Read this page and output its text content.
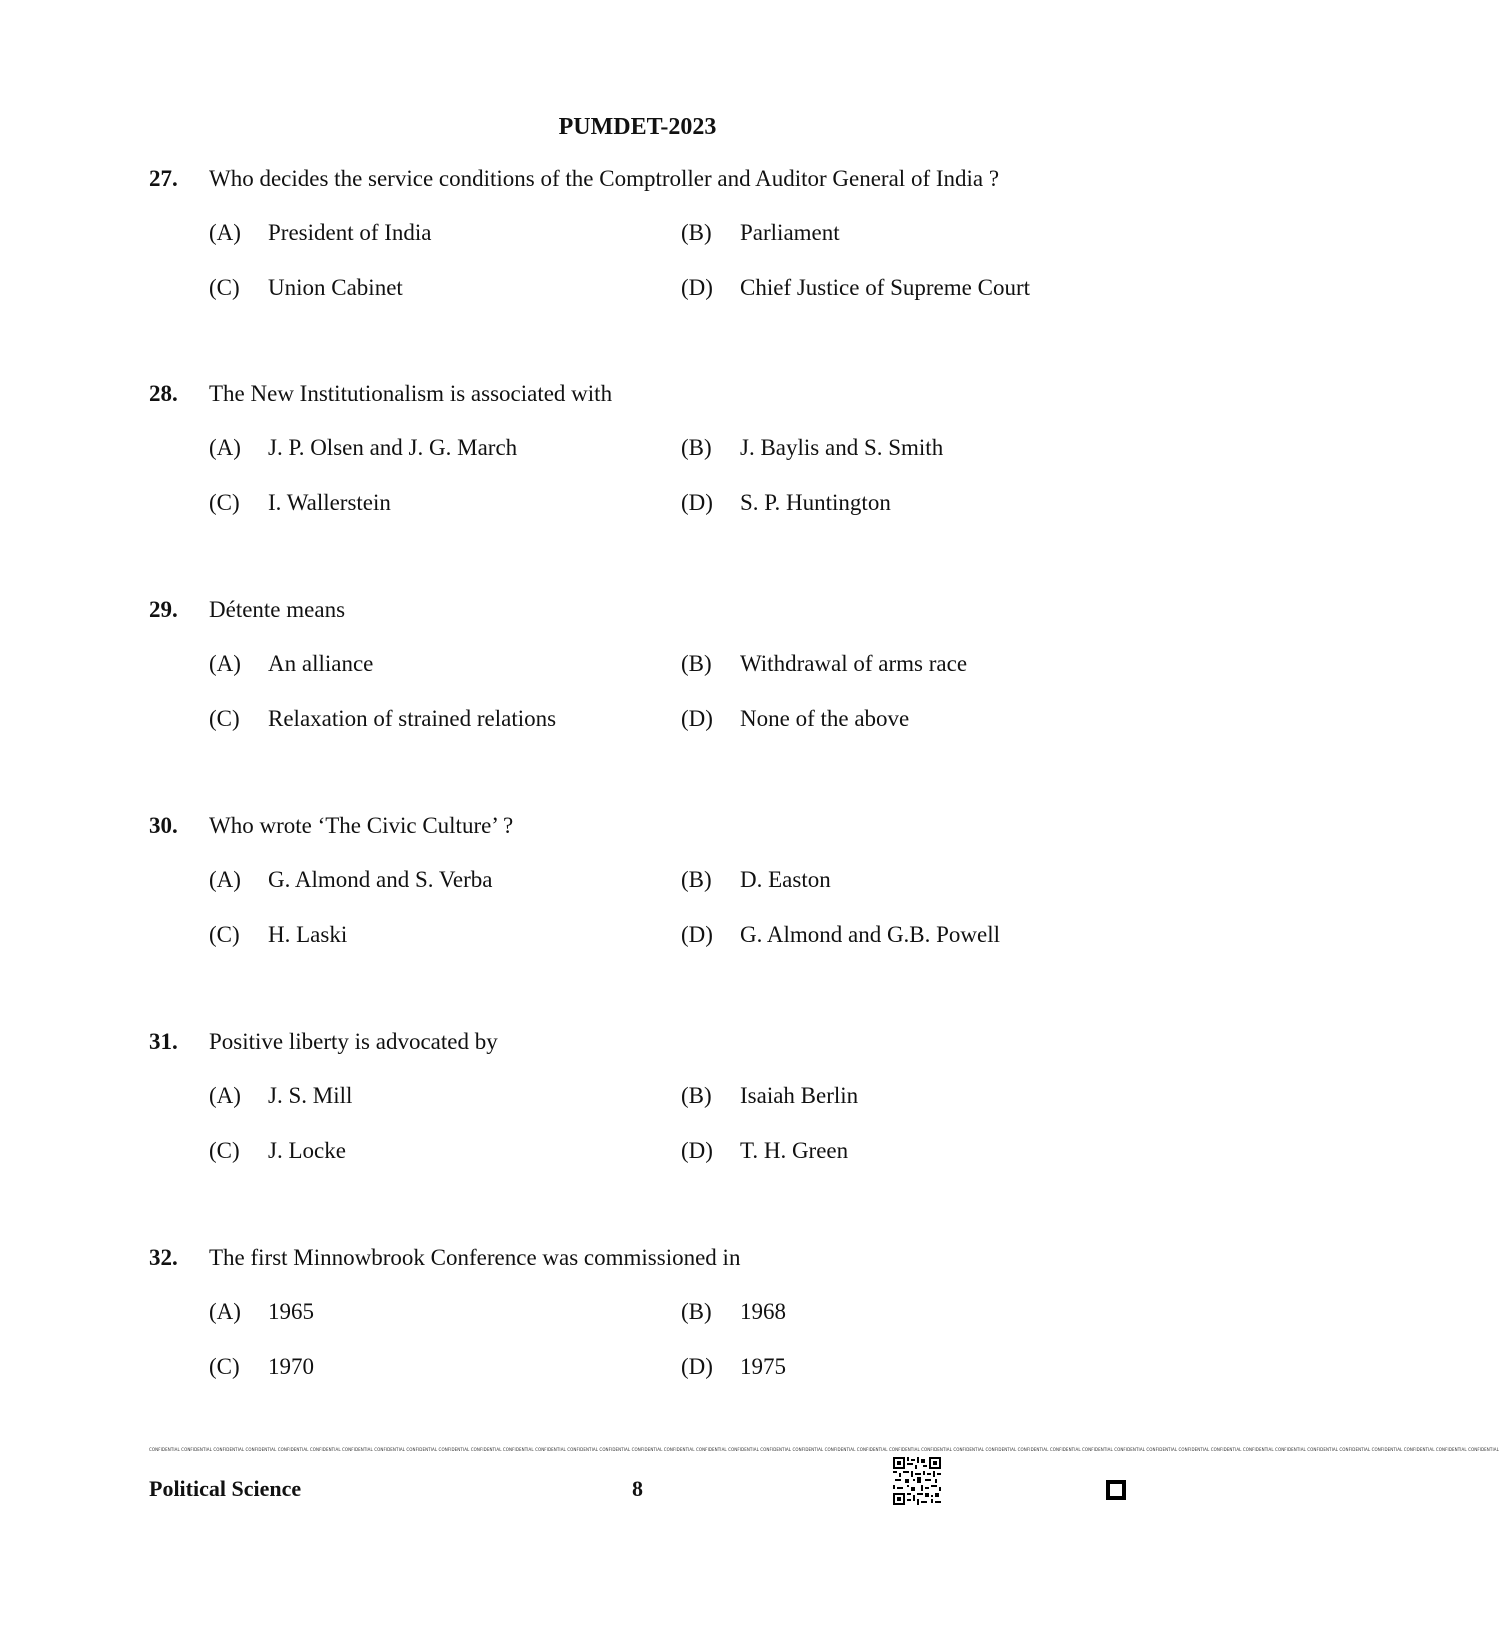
PUMDET-2023
27. Who decides the service conditions of the Comptroller and Auditor General of India ?
(A) President of India	(B) Parliament
(C) Union Cabinet	(D) Chief Justice of Supreme Court
28. The New Institutionalism is associated with
(A) J. P. Olsen and J. G. March	(B) J. Baylis and S. Smith
(C) I. Wallerstein	(D) S. P. Huntington
29. Détente means
(A) An alliance	(B) Withdrawal of arms race
(C) Relaxation of strained relations	(D) None of the above
30. Who wrote ‘The Civic Culture’ ?
(A) G. Almond and S. Verba	(B) D. Easton
(C) H. Laski	(D) G. Almond and G.B. Powell
31. Positive liberty is advocated by
(A) J. S. Mill	(B) Isaiah Berlin
(C) J. Locke	(D) T. H. Green
32. The first Minnowbrook Conference was commissioned in
(A) 1965	(B) 1968
(C) 1970	(D) 1975
CONFIDENTIAL CONFIDENTIAL CONFIDENTIAL CONFIDENTIAL CONFIDENTIAL CONFIDENTIAL CONFIDENTIAL CONFIDENTIAL CONFIDENTIAL CONFIDENTIAL CONFIDENTIAL CONFIDENTIAL CONFIDENTIAL CONFIDENTIAL CONFIDENTIAL CONFIDENTIAL CONFIDENTIAL CONFIDENTIAL CONFIDENTIAL CONFIDENTIAL CONFIDENTIAL CONFIDENTIAL CONFIDENTIAL CONFIDENTIAL CONFIDENTIAL CONFIDENTIAL CONFIDENTIAL CONFIDENTIAL CONFIDENTIAL CONFIDENTIAL CONFIDENTIAL CONFIDENTIAL CONFIDENTIAL CONFIDENTIAL CONFIDENTIAL CONFIDENTIAL CONFIDENTIAL CONFIDENTIAL CONFIDENTIAL CONFIDENTIAL CONFIDENTIAL CONFIDENTIAL
Political Science	8
